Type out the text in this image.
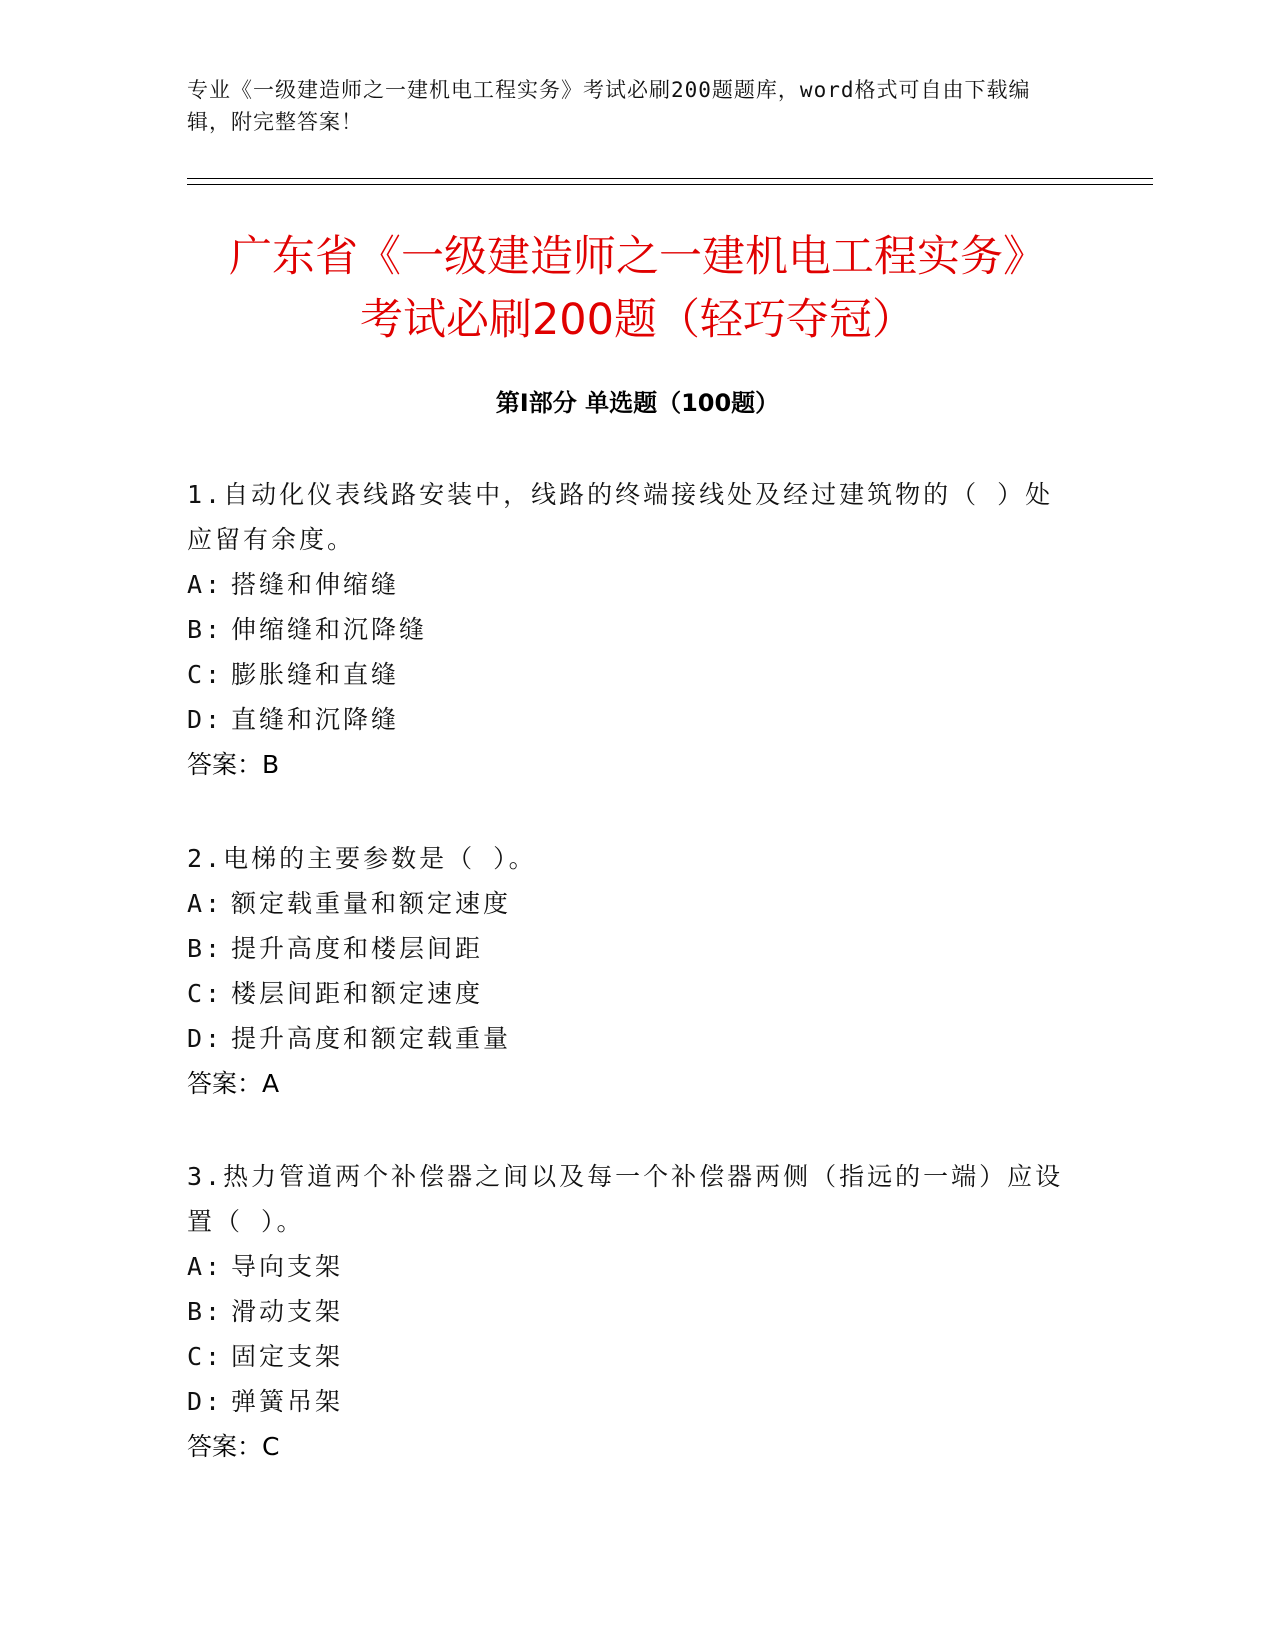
专业《一级建造师之一建机电工程实务》考试必刷200题题库，word格式可自由下载编辑，附完整答案！
广东省《一级建造师之一建机电工程实务》
考试必刷200题（轻巧夺冠）
第I部分 单选题（100题）
1.自动化仪表线路安装中，线路的终端接线处及经过建筑物的（ ）处应留有余度。
A: 搭缝和伸缩缝
B: 伸缩缝和沉降缝
C: 膨胀缝和直缝
D: 直缝和沉降缝
答案：B
2.电梯的主要参数是（ ）。
A: 额定载重量和额定速度
B: 提升高度和楼层间距
C: 楼层间距和额定速度
D: 提升高度和额定载重量
答案：A
3.热力管道两个补偿器之间以及每一个补偿器两侧（指远的一端）应设置（ ）。
A: 导向支架
B: 滑动支架
C: 固定支架
D: 弹簧吊架
答案：C
